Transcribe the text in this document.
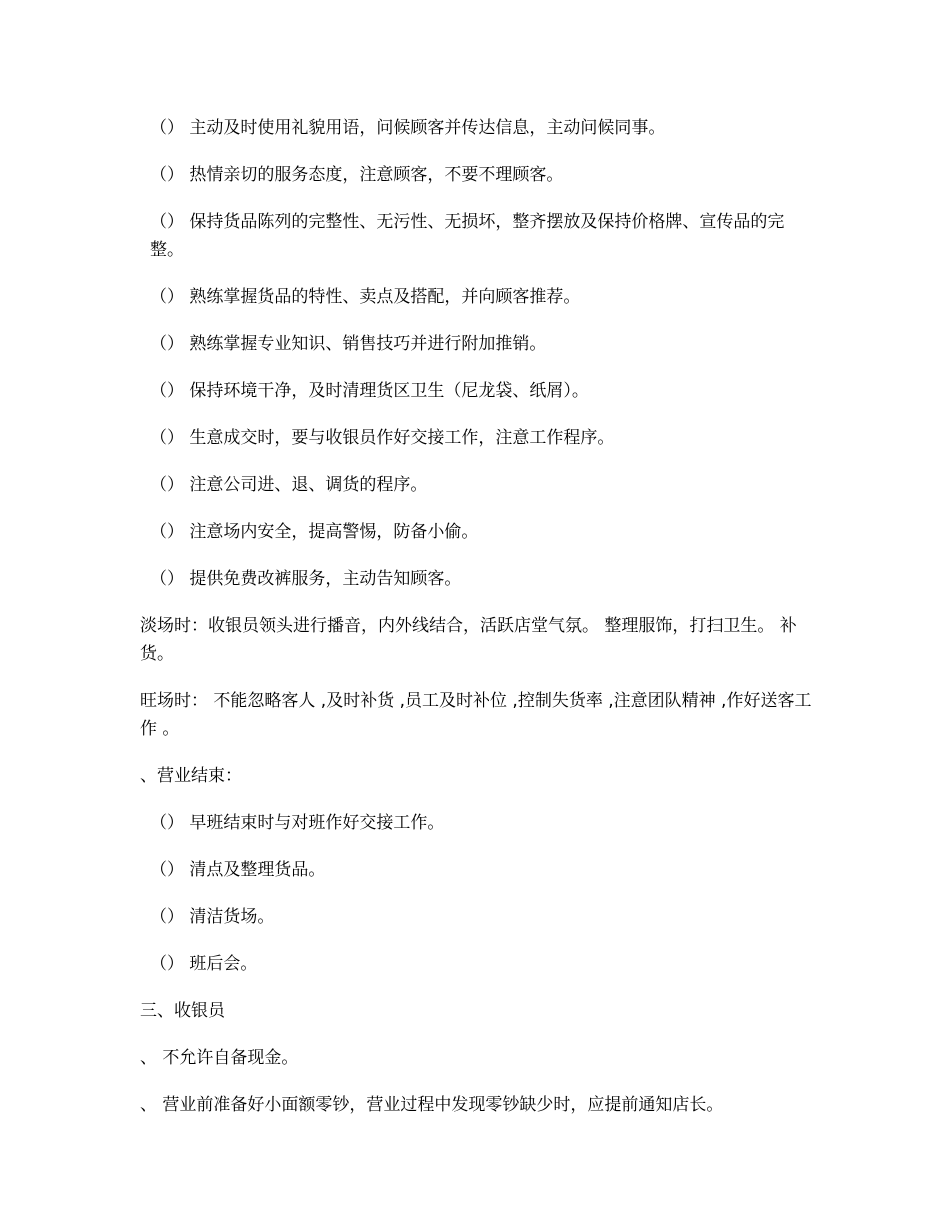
（） 主动及时使用礼貌用语，问候顾客并传达信息，主动问候同事。

（） 热情亲切的服务态度，注意顾客，不要不理顾客。

（） 保持货品陈列的完整性、无污性、无损坏，整齐摆放及保持价格牌、宣传品的完整。

（） 熟练掌握货品的特性、卖点及搭配，并向顾客推荐。

（） 熟练掌握专业知识、销售技巧并进行附加推销。

（） 保持环境干净，及时清理货区卫生（尼龙袋、纸屑）。

（） 生意成交时，要与收银员作好交接工作，注意工作程序。

（） 注意公司进、退、调货的程序。

（） 注意场内安全，提高警惕，防备小偷。

（） 提供免费改裤服务，主动告知顾客。

淡场时：收银员领头进行播音，内外线结合，活跃店堂气氛。 整理服饰，打扫卫生。 补货。

旺场时： 不能忽略客人 ,及时补货 ,员工及时补位 ,控制失货率 ,注意团队精神 ,作好送客工作 。

、营业结束：

（） 早班结束时与对班作好交接工作。

（） 清点及整理货品。

（） 清洁货场。

（） 班后会。

三、收银员

、 不允许自备现金。

、 营业前准备好小面额零钞，营业过程中发现零钞缺少时，应提前通知店长。
